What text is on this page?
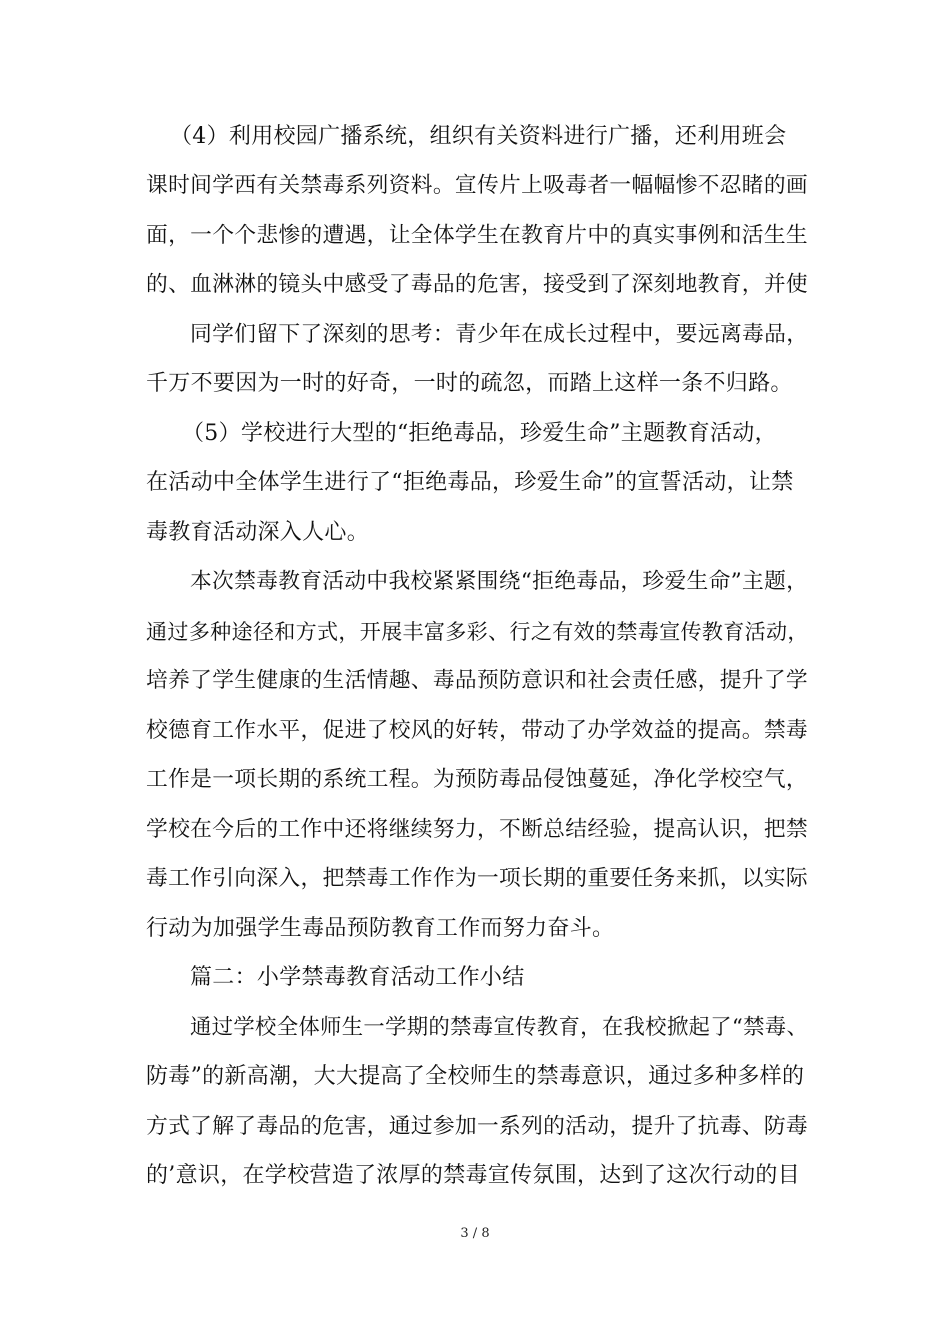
（4）利用校园广播系统，组织有关资料进行广播，还利用班会
课时间学西有关禁毒系列资料。宣传片上吸毒者一幅幅惨不忍睹的画
面，一个个悲惨的遭遇，让全体学生在教育片中的真实事例和活生生
的、血淋淋的镜头中感受了毒品的危害，接受到了深刻地教育，并使
同学们留下了深刻的思考：青少年在成长过程中，要远离毒品，
千万不要因为一时的好奇，一时的疏忽，而踏上这样一条不归路。
（5）学校进行大型的“拒绝毒品，珍爱生命”主题教育活动，
在活动中全体学生进行了“拒绝毒品，珍爱生命”的宣誓活动，让禁
毒教育活动深入人心。
本次禁毒教育活动中我校紧紧围绕“拒绝毒品，珍爱生命”主题，
通过多种途径和方式，开展丰富多彩、行之有效的禁毒宣传教育活动，
培养了学生健康的生活情趣、毒品预防意识和社会责任感，提升了学
校德育工作水平，促进了校风的好转，带动了办学效益的提高。禁毒
工作是一项长期的系统工程。为预防毒品侵蚀蔓延，净化学校空气，
学校在今后的工作中还将继续努力，不断总结经验，提高认识，把禁
毒工作引向深入，把禁毒工作作为一项长期的重要任务来抓，以实际
行动为加强学生毒品预防教育工作而努力奋斗。
篇二：小学禁毒教育活动工作小结
通过学校全体师生一学期的禁毒宣传教育，在我校掀起了“禁毒、
防毒”的新高潮，大大提高了全校师生的禁毒意识，通过多种多样的
方式了解了毒品的危害，通过参加一系列的活动，提升了抗毒、防毒
的’意识，在学校营造了浓厚的禁毒宣传氛围，达到了这次行动的目
3 / 8
